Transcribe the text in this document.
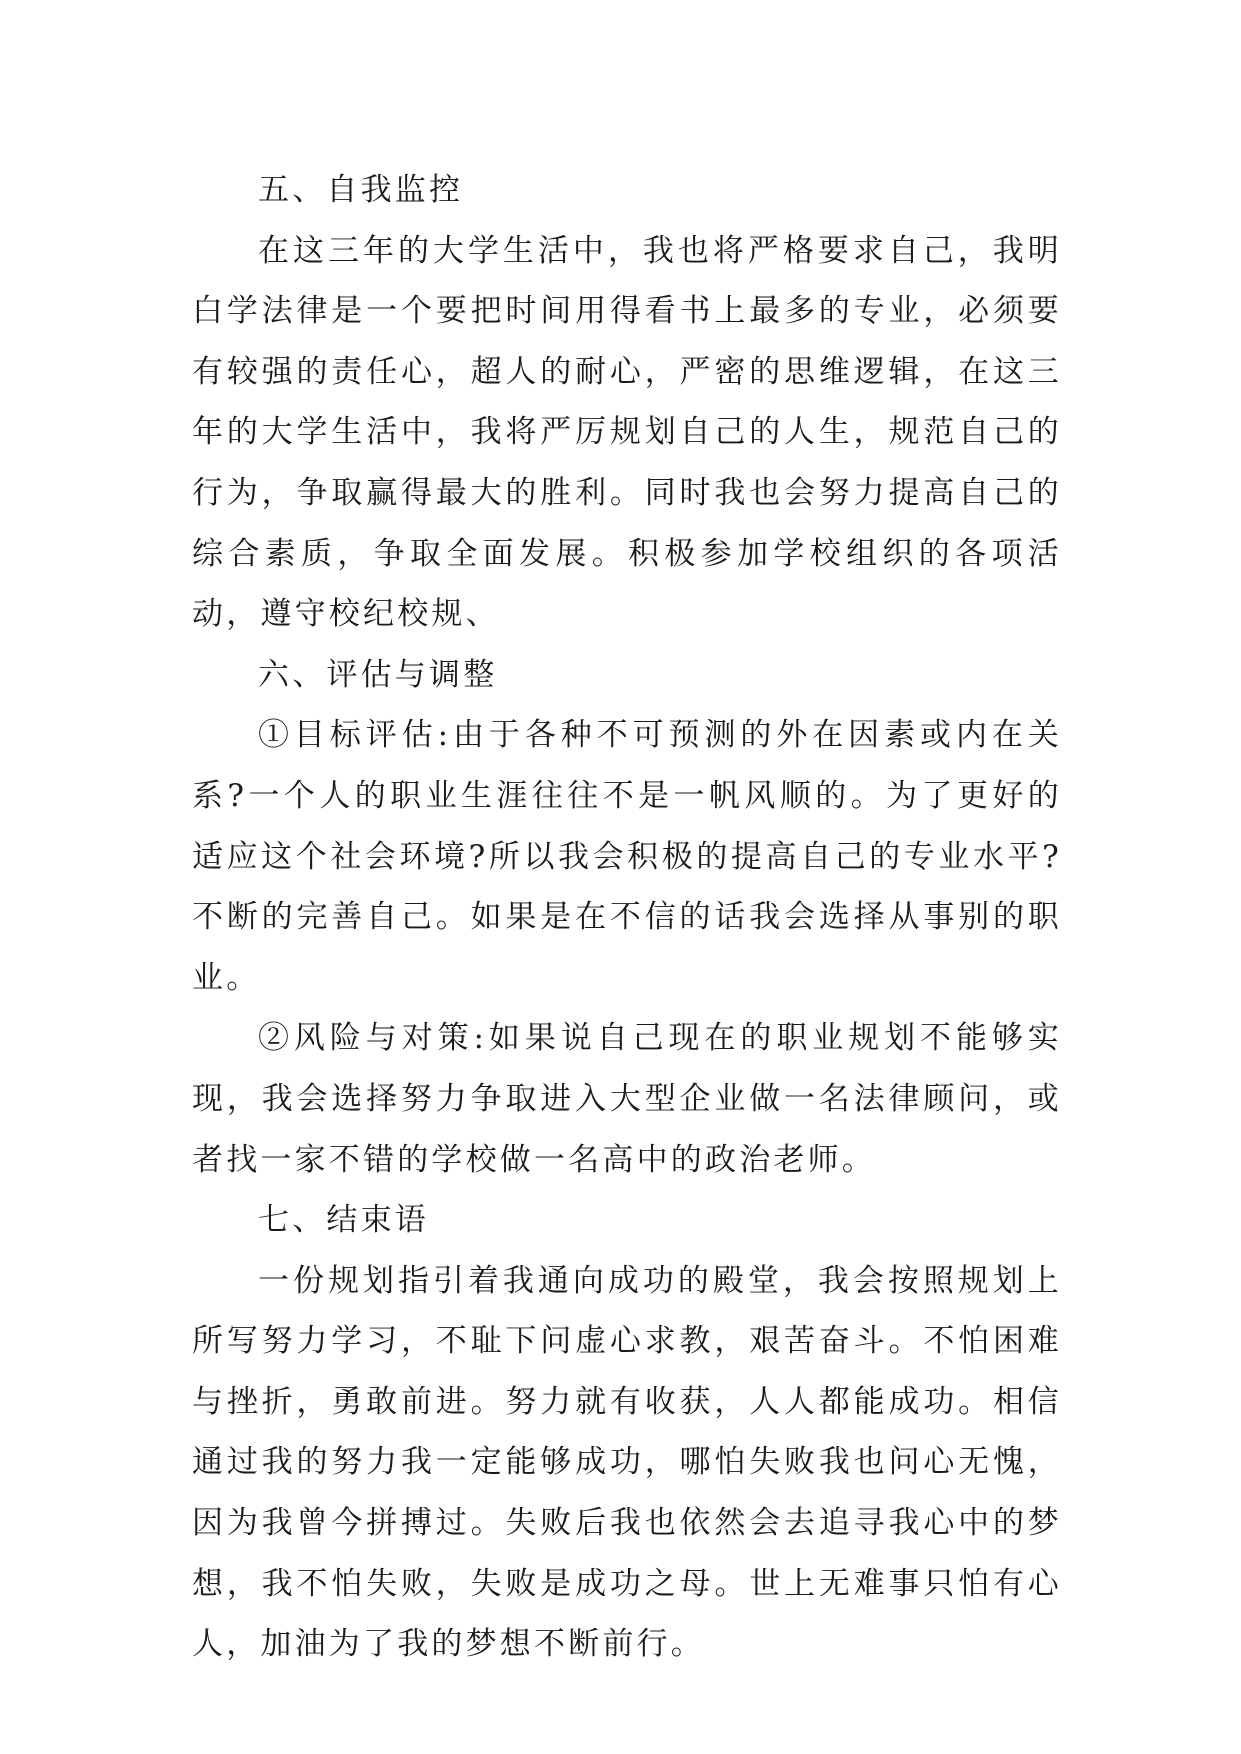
五、自我监控

在这三年的大学生活中，我也将严格要求自己，我明白学法律是一个要把时间用得看书上最多的专业，必须要有较强的责任心，超人的耐心，严密的思维逻辑，在这三年的大学生活中，我将严厉规划自己的人生，规范自己的行为，争取赢得最大的胜利。同时我也会努力提高自己的综合素质，争取全面发展。积极参加学校组织的各项活动，遵守校纪校规、

六、评估与调整

①目标评估:由于各种不可预测的外在因素或内在关系?一个人的职业生涯往往不是一帆风顺的。为了更好的适应这个社会环境?所以我会积极的提高自己的专业水平?不断的完善自己。如果是在不信的话我会选择从事别的职业。

②风险与对策:如果说自己现在的职业规划不能够实现，我会选择努力争取进入大型企业做一名法律顾问，或者找一家不错的学校做一名高中的政治老师。

七、结束语

一份规划指引着我通向成功的殿堂，我会按照规划上所写努力学习，不耻下问虚心求教，艰苦奋斗。不怕困难与挫折，勇敢前进。努力就有收获，人人都能成功。相信通过我的努力我一定能够成功，哪怕失败我也问心无愧，因为我曾今拼搏过。失败后我也依然会去追寻我心中的梦想，我不怕失败，失败是成功之母。世上无难事只怕有心人，加油为了我的梦想不断前行。
